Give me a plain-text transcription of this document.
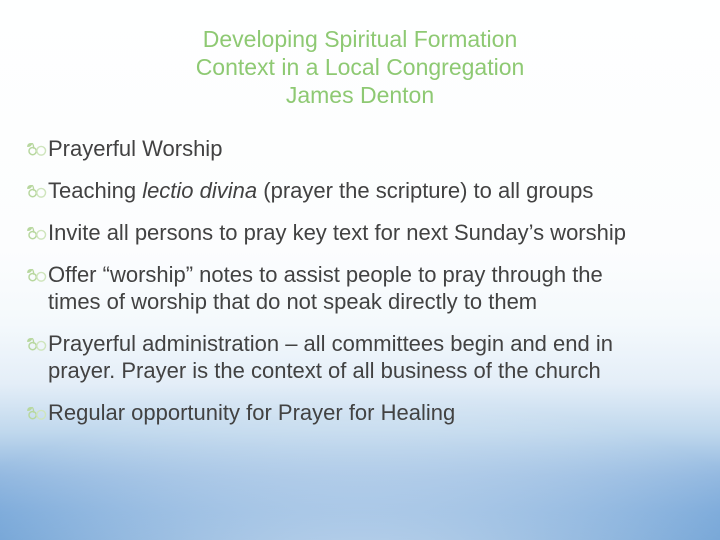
Developing Spiritual Formation
Context in a Local Congregation
James Denton
Prayerful Worship
Teaching lectio divina (prayer the scripture) to all groups
Invite all persons to pray key text for next Sunday’s worship
Offer “worship” notes to assist people to pray through the
times of worship that do not speak directly to them
Prayerful administration – all committees begin and end in
prayer. Prayer is the context of all business of the church
Regular opportunity for Prayer for Healing
